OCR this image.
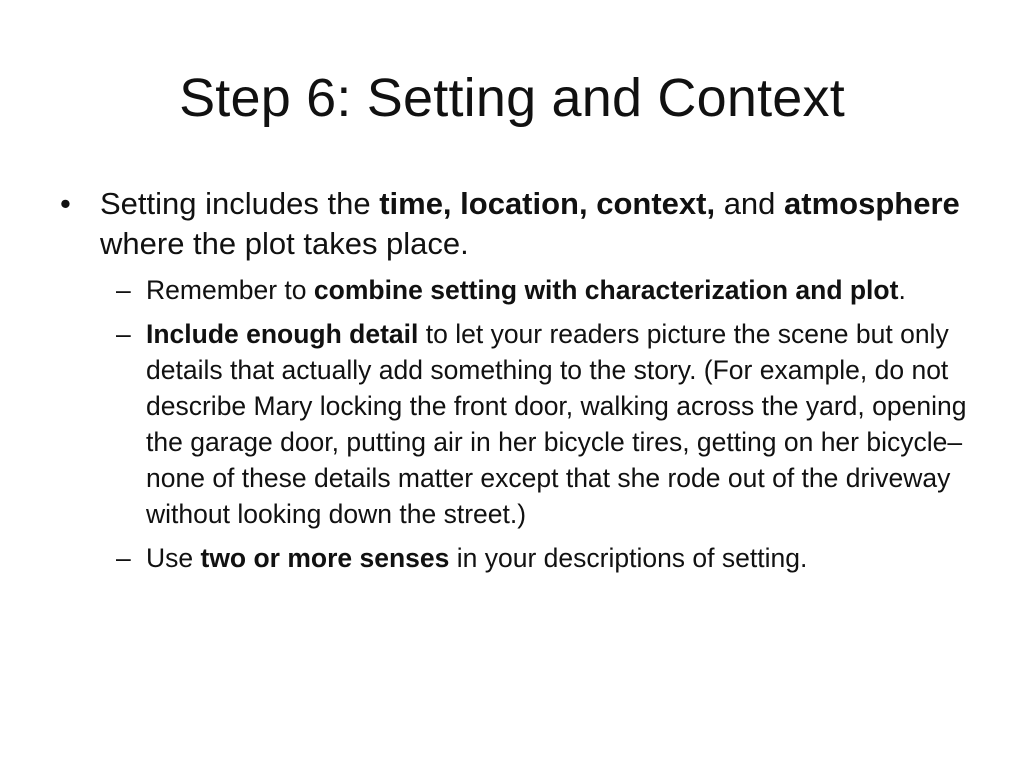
Step 6: Setting and Context
• Setting includes the time, location, context, and atmosphere where the plot takes place.
– Remember to combine setting with characterization and plot.
– Include enough detail to let your readers picture the scene but only details that actually add something to the story. (For example, do not describe Mary locking the front door, walking across the yard, opening the garage door, putting air in her bicycle tires, getting on her bicycle–none of these details matter except that she rode out of the driveway without looking down the street.)
– Use two or more senses in your descriptions of setting.
